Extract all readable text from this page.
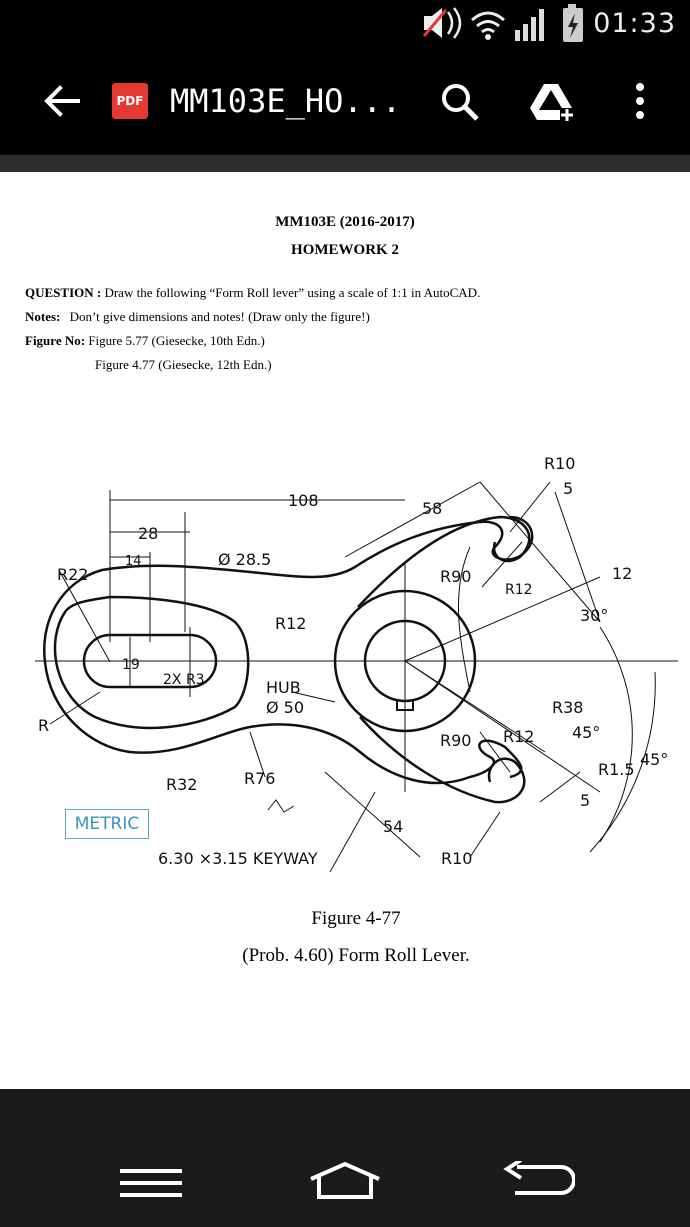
01:33
PDF MM103E_HO...
MM103E (2016-2017)
HOMEWORK 2
QUESTION : Draw the following “Form Roll lever” using a scale of 1:1 in AutoCAD.
Notes: Don’t give dimensions and notes! (Draw only the figure!)
Figure No: Figure 5.77 (Giesecke, 10th Edn.)
Figure 4.77 (Giesecke, 12th Edn.)
108	58
28
14
R22
Ø 28.5
R12
19
2X R3
R
HUB
Ø 50
R32	R76
6.30 ×3.15 KEYWAY
54
R10
R90
R12
R10
5
12
30°
R38
45°
R90 R12
R1.5
45°
5
METRIC
Figure 4-77
(Prob. 4.60) Form Roll Lever.
